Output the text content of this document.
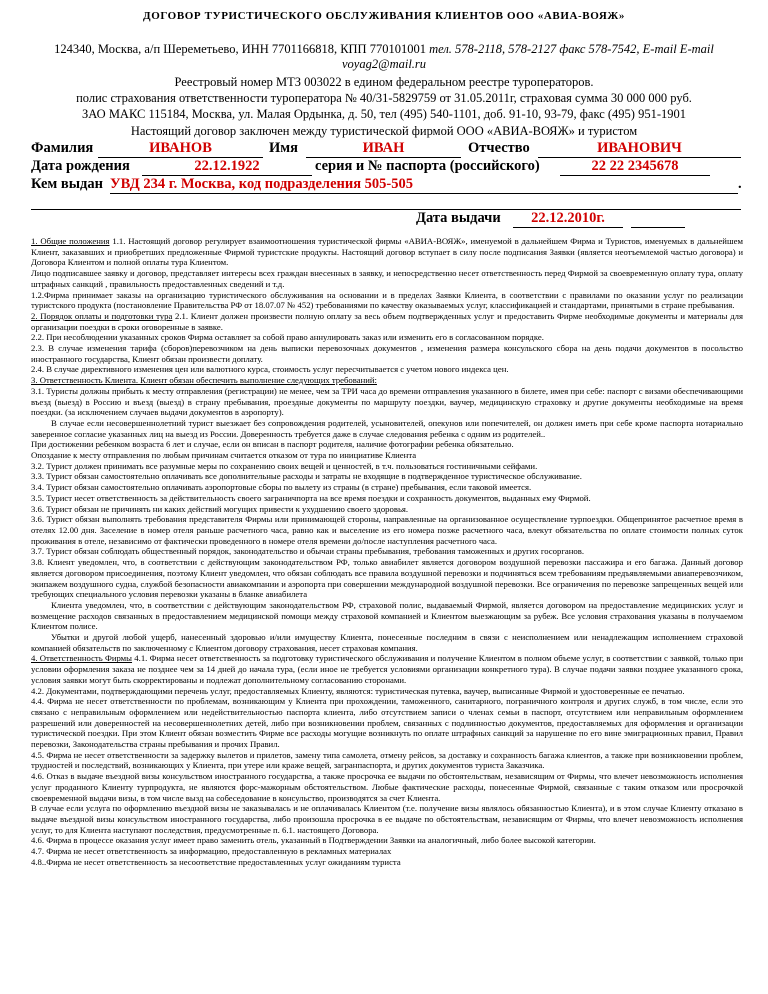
ДОГОВОР ТУРИСТИЧЕСКОГО ОБСЛУЖИВАНИЯ КЛИЕНТОВ ООО «АВИА-ВОЯЖ»
124340, Москва, а/п Шереметьево, ИНН 7701166818, КПП 770101001 тел. 578-2118, 578-2127 факс 578-7542, E-mail E-mail
voyag2@mail.ru
Реестровый номер МТЗ 003022 в едином федеральном реестре туроператоров.
полис страхования ответственности туроператора № 40/31-5829759 от 31.05.2011г, страховая сумма 30 000 000 руб.
ЗАО МАКС 115184, Москва, ул. Малая Ордынка, д. 50, тел (495) 540-1101, доб. 91-10, 93-79, факс (495) 951-1901
Настоящий договор заключен между туристической фирмой ООО «АВИА-ВОЯЖ» и туристом
Фамилия	ИВАНОВ	Имя	ИВАН	Отчество	ИВАНОВИЧ
Дата рождения	22.12.1922	серия и № паспорта (российского)	22 22 2345678
Кем выдан УВД 234 г. Москва, код подразделения 505-505	.
Дата выдачи	22.12.2010г.

1. Общие положения 1.1. Настоящий договор регулирует взаимоотношения туристической фирмы «АВИА-ВОЯЖ», именуемой в дальнейшем Фирма и Туристов, именуемых в дальнейшем Клиент, заказавших и приобретших предложенные Фирмой туристские продукты. Настоящий договор вступает в силу после подписания Заявки (является неотъемлемой частью договора) и Договора Клиентом и полной оплаты тура Клиентом.

Лицо подписавшее заявку и договор, представляет интересы всех граждан внесенных в заявку, и непосредственно несет ответственность перед Фирмой за своевременную оплату тура, оплату штрафных санкций , правильность предоставленных сведений и т.д.

1.2.Фирма принимает заказы на организацию туристического обслуживания на основании и в пределах Заявки Клиента, в соответствии с правилами по оказании услуг по реализации туристского продукта (постановление Правительства РФ от 18.07.07 № 452) требованиями по качеству оказываемых услуг, классификацией и стандартами, принятыми в стране пребывания.

2. Порядок оплаты и подготовки тура 2.1. Клиент должен произвести полную оплату за весь объем подтвержденных услуг и предоставить Фирме необходимые документы и материалы для организации поездки в сроки оговоренные в заявке.

2.2. При несоблюдении указанных сроков Фирма оставляет за собой право аннулировать заказ или изменить его в согласованном порядке.

2.3. В случае изменения тарифа (сборов)перевозчиком на день выписки перевозочных документов , изменения размера консульского сбора на день подачи документов в посольство иностранного государства, Клиент обязан произвести доплату.

2.4. В случае директивного изменения цен или валютного курса, стоимость услуг пересчитывается с учетом нового индекса цен.

3. Ответственность Клиента. Клиент обязан обеспечить выполнение следующих требований:

3.1. Туристы должны прибыть к месту отправления (регистрации) не менее, чем за ТРИ часа до времени отправления указанного в билете, имея при себе: паспорт с визами обеспечивающими въезд (выезд) в Россию и въезд (выезд) в страну пребывания, проездные документы по маршруту поездки, ваучер, медицинскую страховку и другие документы необходимые на время поездки. (за исключением случаев выдачи документов в аэропорту).

В случае если несовершеннолетний турист выезжает без сопровождения родителей, усыновителей, опекунов или попечителей, он должен иметь при себе кроме паспорта нотариально заверенное согласие указанных лиц на выезд из России. Доверенность требуется даже в случае следования ребенка с одним из родителей..

При достижении ребенком возраста 6 лет и случае, если он вписан в паспорт родителя, наличие фотографии ребенка обязательно.

Опоздание к месту отправления по любым причинам считается отказом от тура по инициативе Клиента

3.2. Турист должен принимать все разумные меры по сохранению своих вещей и ценностей, в т.ч. пользоваться гостиничными сейфами.

3.3. Турист обязан самостоятельно оплачивать все дополнительные расходы и затраты не входящие в подтвержденное туристическое обслуживание.

3.4. Турист обязан самостоятельно оплачивать аэропортовые сборы по вылету из страны (в стране) пребывания, если таковой имеется.

3.5. Турист несет ответственность за действительность своего заграничпорта на все время поездки и сохранность документов, выданных ему Фирмой.

3.6. Турист обязан не причинять ни каких действий могущих привести к ухудшению своего здоровья.

3.6. Турист обязан выполнять требования представителя Фирмы или принимающей стороны, направленные на организованное осуществление турпоездки. Общепринятое расчетное время в отелях 12.00 дня. Заселение в номер отеля раньше расчетного часа, равно как и выселение из его номера позже расчетного часа, влекут обязательства по оплате стоимости полных суток проживания в отеле, независимо от фактически проведенного в номере отеля времени до/после наступления расчетного часа.

3.7. Турист обязан соблюдать общественный порядок, законодательство и обычаи страны пребывания, требования таможенных и других госорганов.

3.8. Клиент уведомлен, что, в соответствии с действующим законодательством РФ, только авиабилет является договором воздушной перевозки пассажира и его багажа. Данный договор является договором присоединения, поэтому Клиент уведомлен, что обязан соблюдать все правила воздушной перевозки и подчиняться всем требованиям предъявляемыми авиаперевозчиком, экипажем воздушного судна, службой безопасности авиакомпании и аэропорта при совершении международной воздушной перевозки. Все ограничения по перевозке запрещенных вещей или требующих специального условия перевозки указаны в бланке авиабилета

Клиента уведомлен, что, в соответствии с действующим законодательством РФ, страховой полис, выдаваемый Фирмой, является договором на предоставление медицинских услуг и возмещение расходов связанных в предоставлением медицинской помощи между страховой компанией и Клиентом выезжающим за рубеж. Все условия страхования указаны в получаемом Клиентом полисе.

Убытки и другой любой ущерб, нанесенный здоровью и/или имуществу Клиента, понесенные последним в связи с неисполнением или ненадлежащим исполнением страховой компанией обязательств по заключенному с Клиентом договору страхования, несет страховая компания.

4. Ответственность Фирмы 4.1. Фирма несет ответственность за подготовку туристического обслуживания и получение Клиентом в полном объеме услуг, в соответствии с заявкой, только при условии оформления заказа не позднее чем за 14 дней до начала тура, (если иное не требуется условиями организации конкретного тура). В случае подачи заявки позднее указанного срока, условия заявки могут быть скорректированы и подлежат дополнительному согласованию сторонами.

4.2. Документами, подтверждающими перечень услуг, предоставляемых Клиенту, являются: туристическая путевка, ваучер, выписанные Фирмой и удостоверенные ее печатью.

4.4. Фирма не несет ответственности по проблемам, возникающим у Клиента при прохождении, таможенного, санитарного, пограничного контроля и других служб, в том числе, если это связано с неправильным оформлением или недействительностью паспорта клиента, либо отсутствием записи о членах семьи в паспорт, отсутствием или неправильным оформлением разрешений или доверенностей на несовершеннолетних детей, либо при возникновении проблем, связанных с подлинностью документов, предоставляемых для оформления и организации туристической поездки. При этом Клиент обязан возместить Фирме все расходы могущие возникнуть по оплате штрафных санкций за нарушение по его вине эмиграционных правил, Правил перевозки, Законодательства страны пребывания и прочих Правил.

4.5. Фирма не несет ответственности за задержку вылетов и прилетов, замену типа самолета, отмену рейсов, за доставку и сохранность багажа клиентов, а также при возникновении проблем, трудностей и последствий, возникающих у Клиента, при утере или краже вещей, загранпаспорта, и других документов туриста Заказчика.

4.6. Отказ в выдаче въездной визы консульством иностранного государства, а также просрочка ее выдачи по обстоятельствам, независящим от Фирмы, что влечет невозможность исполнения услуг проданного Клиенту турпродукта, не являются форс-мажорным обстоятельством. Любые фактические расходы, понесенные Фирмой, связанные с таким отказом или просрочкой своевременной выдачи визы, в том числе вызд на собеседование в консульство, производятся за счет Клиента.

В случае если услуга по оформлению въездной визы не заказывалась и не оплачивалась Клиентом (т.е. получение визы являлось обязанностью Клиента), и в этом случае Клиенту отказано в выдаче въездной визы консульством иностранного государства, либо произошла просрочка в ее выдаче по обстоятельствам, независящим от Фирмы, что влечет невозможность исполнения услуг, то для Клиента наступают последствия, предусмотренные п. 6.1. настоящего Договора.

4.6. Фирма в процессе оказания услуг имеет право заменить отель, указанный в Подтверждении Заявки на аналогичный, либо более высокой категории.

4.7. Фирма не несет ответственность за информацию, предоставленную в рекламных материалах

4.8..Фирма не несет ответственность за несоответствие предоставленных услуг ожиданиям туриста
